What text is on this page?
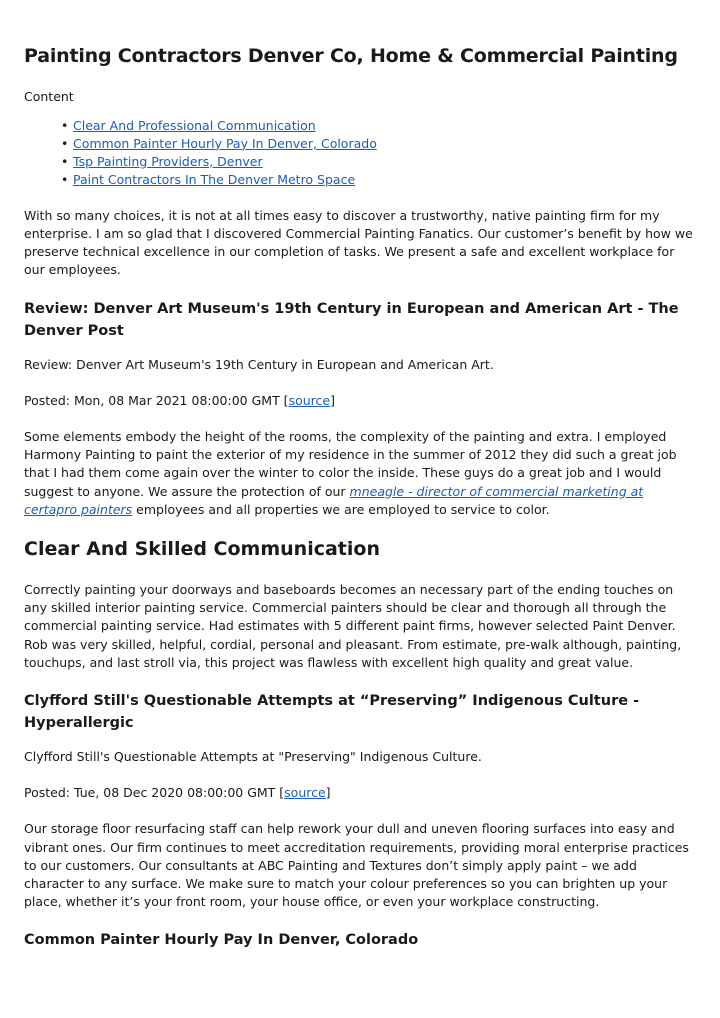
Painting Contractors Denver Co, Home & Commercial Painting
Content
• Clear And Professional Communication
• Common Painter Hourly Pay In Denver, Colorado
• Tsp Painting Providers, Denver
• Paint Contractors In The Denver Metro Space

With so many choices, it is not at all times easy to discover a trustworthy, native painting firm for my enterprise. I am so glad that I discovered Commercial Painting Fanatics. Our customer’s benefit by how we preserve technical excellence in our completion of tasks. We present a safe and excellent workplace for our employees.

Review: Denver Art Museum's 19th Century in European and American Art - The Denver Post

Review: Denver Art Museum's 19th Century in European and American Art.

Posted: Mon, 08 Mar 2021 08:00:00 GMT [source]

Some elements embody the height of the rooms, the complexity of the painting and extra. I employed Harmony Painting to paint the exterior of my residence in the summer of 2012 they did such a great job that I had them come again over the winter to color the inside. These guys do a great job and I would suggest to anyone. We assure the protection of our mneagle - director of commercial marketing at certapro painters employees and all properties we are employed to service to color.

Clear And Skilled Communication

Correctly painting your doorways and baseboards becomes an necessary part of the ending touches on any skilled interior painting service. Commercial painters should be clear and thorough all through the commercial painting service. Had estimates with 5 different paint firms, however selected Paint Denver. Rob was very skilled, helpful, cordial, personal and pleasant. From estimate, pre-walk although, painting, touchups, and last stroll via, this project was flawless with excellent high quality and great value.

Clyfford Still's Questionable Attempts at “Preserving” Indigenous Culture - Hyperallergic

Clyfford Still's Questionable Attempts at "Preserving" Indigenous Culture.

Posted: Tue, 08 Dec 2020 08:00:00 GMT [source]

Our storage floor resurfacing staff can help rework your dull and uneven flooring surfaces into easy and vibrant ones. Our firm continues to meet accreditation requirements, providing moral enterprise practices to our customers. Our consultants at ABC Painting and Textures don’t simply apply paint – we add character to any surface. We make sure to match your colour preferences so you can brighten up your place, whether it’s your front room, your house office, or even your workplace constructing.

Common Painter Hourly Pay In Denver, Colorado
